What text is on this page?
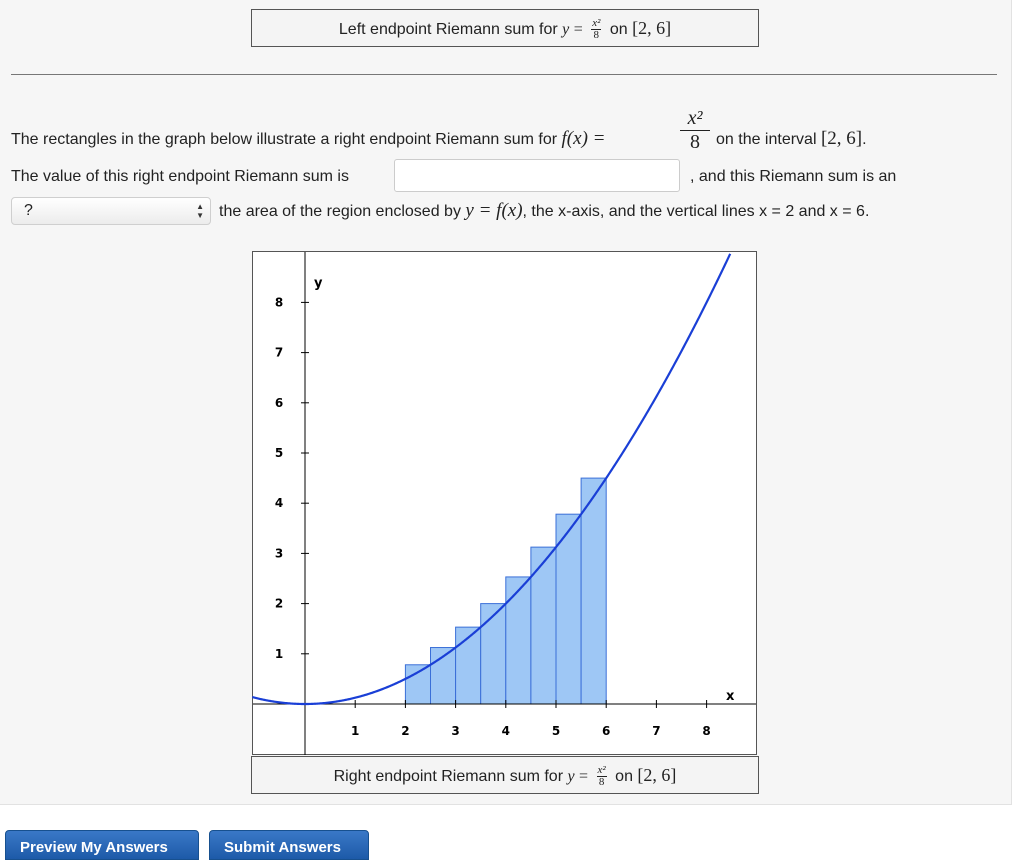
Left endpoint Riemann sum for $y = \frac{\text{x²}}{8}$ on [2, 6]
The rectangles in the graph below illustrate a right endpoint Riemann sum for f(x) =	$\frac{\text{x²}}{8}$ on the interval [2, 6].
The value of this right endpoint Riemann sum is	, and this Riemann sum is an
?	▲
▼ the area of the region enclosed by y = f(x), the x-axis, and the vertical lines x = 2 and x = 6.
1	2	3	4	5	6	7	8
1
2
3
4
5
6
7
8
y
x
Right endpoint Riemann sum for $y = \frac{\text{x²}}{8}$ on [2, 6]
Preview My Answers	Submit Answers
